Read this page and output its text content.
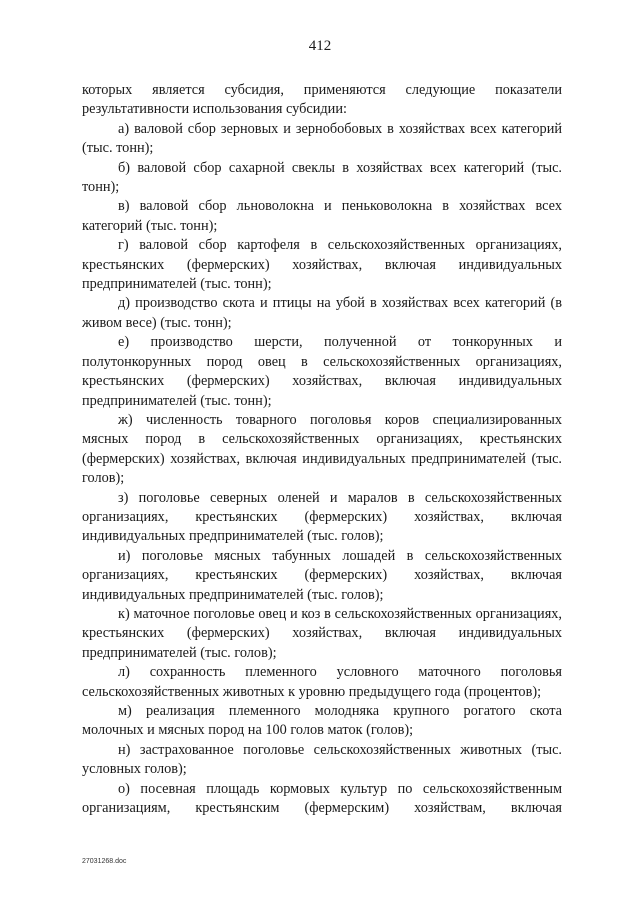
412

которых является субсидия, применяются следующие показатели результативности использования субсидии:

а) валовой сбор зерновых и зернобобовых в хозяйствах всех категорий (тыс. тонн);

б) валовой сбор сахарной свеклы в хозяйствах всех категорий (тыс. тонн);

в) валовой сбор льноволокна и пеньковолокна в хозяйствах всех категорий (тыс. тонн);

г) валовой сбор картофеля в сельскохозяйственных организациях, крестьянских (фермерских) хозяйствах, включая индивидуальных предпринимателей (тыс. тонн);

д) производство скота и птицы на убой в хозяйствах всех категорий (в живом весе) (тыс. тонн);

е) производство шерсти, полученной от тонкорунных и полутонкорунных пород овец в сельскохозяйственных организациях, крестьянских (фермерских) хозяйствах, включая индивидуальных предпринимателей (тыс. тонн);

ж) численность товарного поголовья коров специализированных мясных пород в сельскохозяйственных организациях, крестьянских (фермерских) хозяйствах, включая индивидуальных предпринимателей (тыс. голов);

з) поголовье северных оленей и маралов в сельскохозяйственных организациях, крестьянских (фермерских) хозяйствах, включая индивидуальных предпринимателей (тыс. голов);

и) поголовье мясных табунных лошадей в сельскохозяйственных организациях, крестьянских (фермерских) хозяйствах, включая индивидуальных предпринимателей (тыс. голов);

к) маточное поголовье овец и коз в сельскохозяйственных организациях, крестьянских (фермерских) хозяйствах, включая индивидуальных предпринимателей (тыс. голов);

л) сохранность племенного условного маточного поголовья сельскохозяйственных животных к уровню предыдущего года (процентов);

м) реализация племенного молодняка крупного рогатого скота молочных и мясных пород на 100 голов маток (голов);

н) застрахованное поголовье сельскохозяйственных животных (тыс. условных голов);

о) посевная площадь кормовых культур по сельскохозяйственным организациям, крестьянским (фермерским) хозяйствам, включая

27031268.doc
